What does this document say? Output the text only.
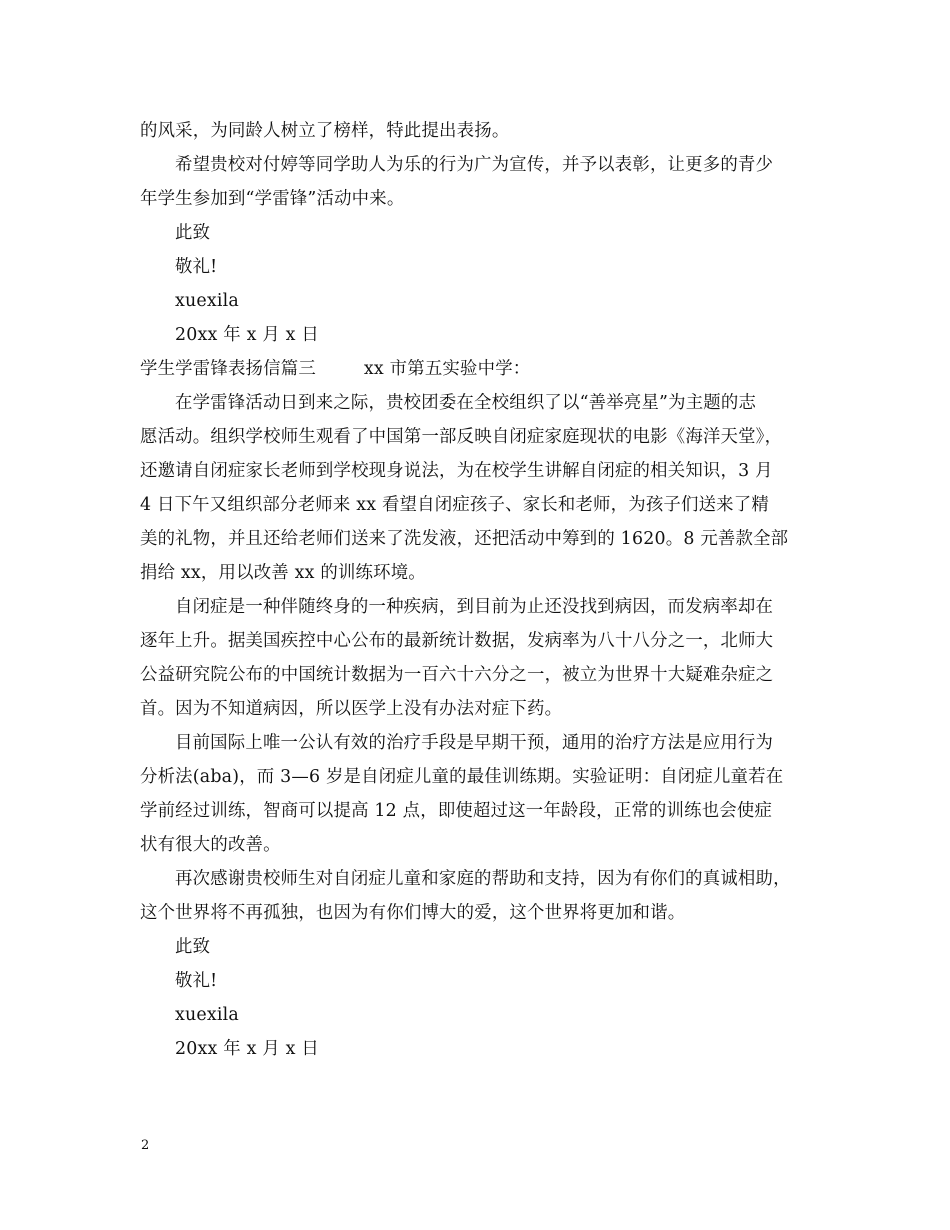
的风采，为同龄人树立了榜样，特此提出表扬。
希望贵校对付婷等同学助人为乐的行为广为宣传，并予以表彰，让更多的青少
年学生参加到“学雷锋”活动中来。
此致
敬礼!
xuexila
20xx 年 x 月 x 日
学生学雷锋表扬信篇三	xx 市第五实验中学：
在学雷锋活动日到来之际，贵校团委在全校组织了以“善举亮星”为主题的志
愿活动。组织学校师生观看了中国第一部反映自闭症家庭现状的电影《海洋天堂》，
还邀请自闭症家长老师到学校现身说法，为在校学生讲解自闭症的相关知识，3 月
4 日下午又组织部分老师来 xx 看望自闭症孩子、家长和老师，为孩子们送来了精
美的礼物，并且还给老师们送来了洗发液，还把活动中筹到的 1620。8 元善款全部
捐给 xx，用以改善 xx 的训练环境。
自闭症是一种伴随终身的一种疾病，到目前为止还没找到病因，而发病率却在
逐年上升。据美国疾控中心公布的最新统计数据，发病率为八十八分之一，北师大
公益研究院公布的中国统计数据为一百六十六分之一，被立为世界十大疑难杂症之
首。因为不知道病因，所以医学上没有办法对症下药。
目前国际上唯一公认有效的治疗手段是早期干预，通用的治疗方法是应用行为
分析法(aba)，而 3—6 岁是自闭症儿童的最佳训练期。实验证明：自闭症儿童若在
学前经过训练，智商可以提高 12 点，即使超过这一年龄段，正常的训练也会使症
状有很大的改善。
再次感谢贵校师生对自闭症儿童和家庭的帮助和支持，因为有你们的真诚相助，
这个世界将不再孤独，也因为有你们博大的爱，这个世界将更加和谐。
此致
敬礼!
xuexila
20xx 年 x 月 x 日
2
